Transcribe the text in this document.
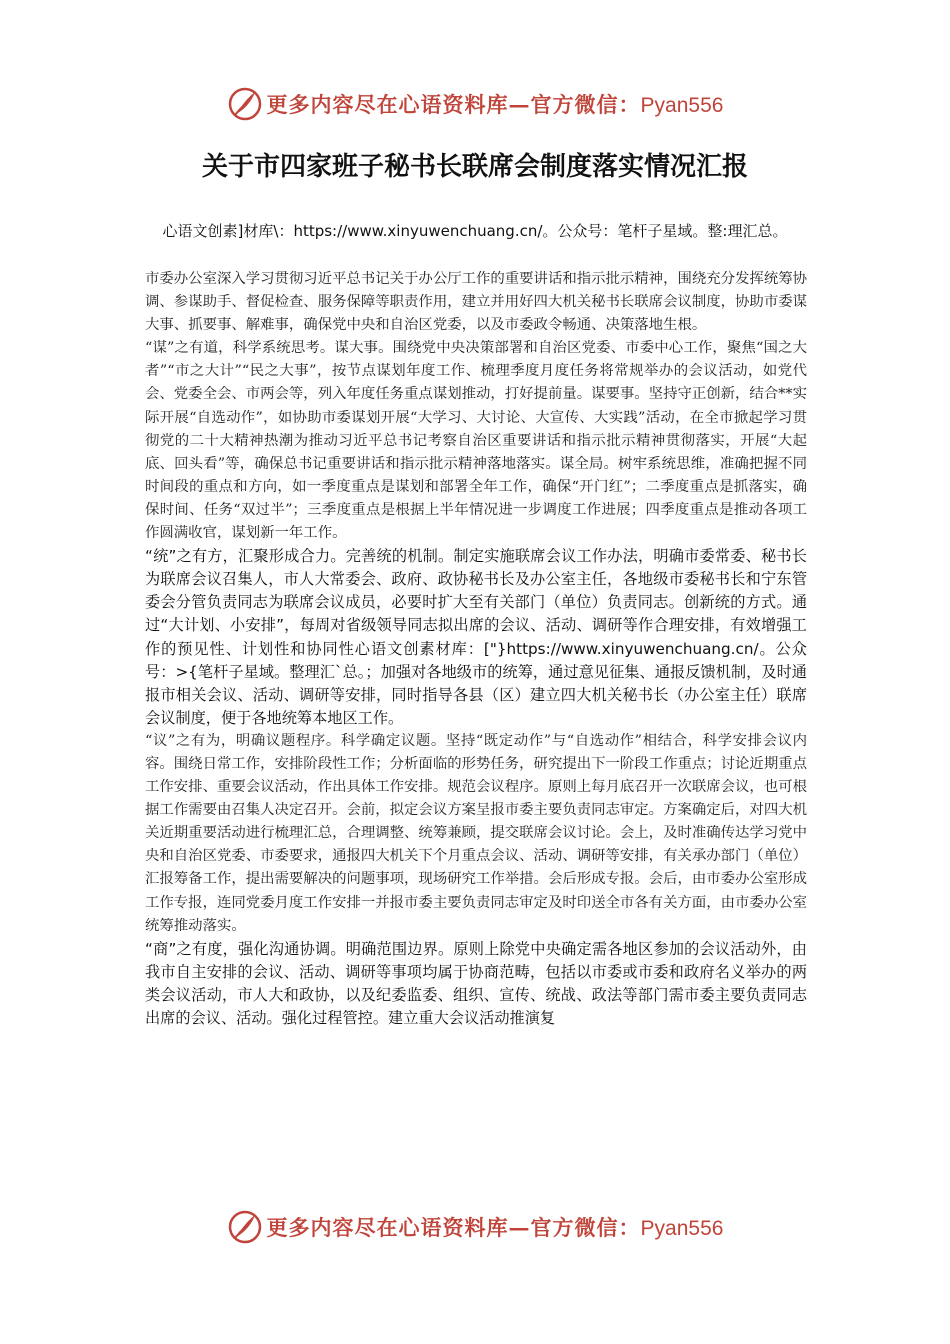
更多内容尽在心语资料库—官方微信：Pyan556
关于市四家班子秘书长联席会制度落实情况汇报
心语文创素]材库\：https://www.xinyuwenchuang.cn/。公众号：笔杆子星域。整:理汇总。

市委办公室深入学习贯彻习近平总书记关于办公厅工作的重要讲话和指示批示精神，围绕充分发挥统筹协调、参谋助手、督促检查、服务保障等职责作用，建立并用好四大机关秘书长联席会议制度，协助市委谋大事、抓要事、解难事，确保党中央和自治区党委，以及市委政令畅通、决策落地生根。

“谋”之有道，科学系统思考。谋大事。围绕党中央决策部署和自治区党委、市委中心工作，聚焦“国之大者”“市之大计”“民之大事”，按节点谋划年度工作、梳理季度月度任务将常规举办的会议活动，如党代会、党委全会、市两会等，列入年度任务重点谋划推动，打好提前量。谋要事。坚持守正创新，结合**实际开展“自选动作”，如协助市委谋划开展“大学习、大讨论、大宣传、大实践”活动，在全市掀起学习贯彻党的二十大精神热潮为推动习近平总书记考察自治区重要讲话和指示批示精神贯彻落实，开展“大起底、回头看”等，确保总书记重要讲话和指示批示精神落地落实。谋全局。树牢系统思维，准确把握不同时间段的重点和方向，如一季度重点是谋划和部署全年工作，确保“开门红”；二季度重点是抓落实，确保时间、任务“双过半”；三季度重点是根据上半年情况进一步调度工作进展；四季度重点是推动各项工作圆满收官，谋划新一年工作。

“统”之有方，汇聚形成合力。完善统的机制。制定实施联席会议工作办法，明确市委常委、秘书长为联席会议召集人，市人大常委会、政府、政协秘书长及办公室主任，各地级市委秘书长和宁东管委会分管负责同志为联席会议成员，必要时扩大至有关部门（单位）负责同志。创新统的方式。通过“大计划、小安排”，每周对省级领导同志拟出席的会议、活动、调研等作合理安排，有效增强工作的预见性、计划性和协同性心语文创素材库：["}https://www.xinyuwenchuang.cn/。公众号：>{笔杆子星域。整理汇`总。；加强对各地级市的统筹，通过意见征集、通报反馈机制，及时通报市相关会议、活动、调研等安排，同时指导各县（区）建立四大机关秘书长（办公室主任）联席会议制度，便于各地统筹本地区工作。

“议”之有为，明确议题程序。科学确定议题。坚持“既定动作”与“自选动作”相结合，科学安排会议内容。围绕日常工作，安排阶段性工作；分析面临的形势任务，研究提出下一阶段工作重点；讨论近期重点工作安排、重要会议活动，作出具体工作安排。规范会议程序。原则上每月底召开一次联席会议，也可根据工作需要由召集人决定召开。会前，拟定会议方案呈报市委主要负责同志审定。方案确定后，对四大机关近期重要活动进行梳理汇总，合理调整、统筹兼顾，提交联席会议讨论。会上，及时准确传达学习党中央和自治区党委、市委要求，通报四大机关下个月重点会议、活动、调研等安排，有关承办部门（单位）汇报筹备工作，提出需要解决的问题事项，现场研究工作举措。会后形成专报。会后，由市委办公室形成工作专报，连同党委月度工作安排一并报市委主要负责同志审定及时印送全市各有关方面，由市委办公室统筹推动落实。

“商”之有度，强化沟通协调。明确范围边界。原则上除党中央确定需各地区参加的会议活动外，由我市自主安排的会议、活动、调研等事项均属于协商范畴，包括以市委或市委和政府名义举办的两类会议活动，市人大和政协，以及纪委监委、组织、宣传、统战、政法等部门需市委主要负责同志出席的会议、活动。强化过程管控。建立重大会议活动推演复

更多内容尽在心语资料库—官方微信：Pyan556
